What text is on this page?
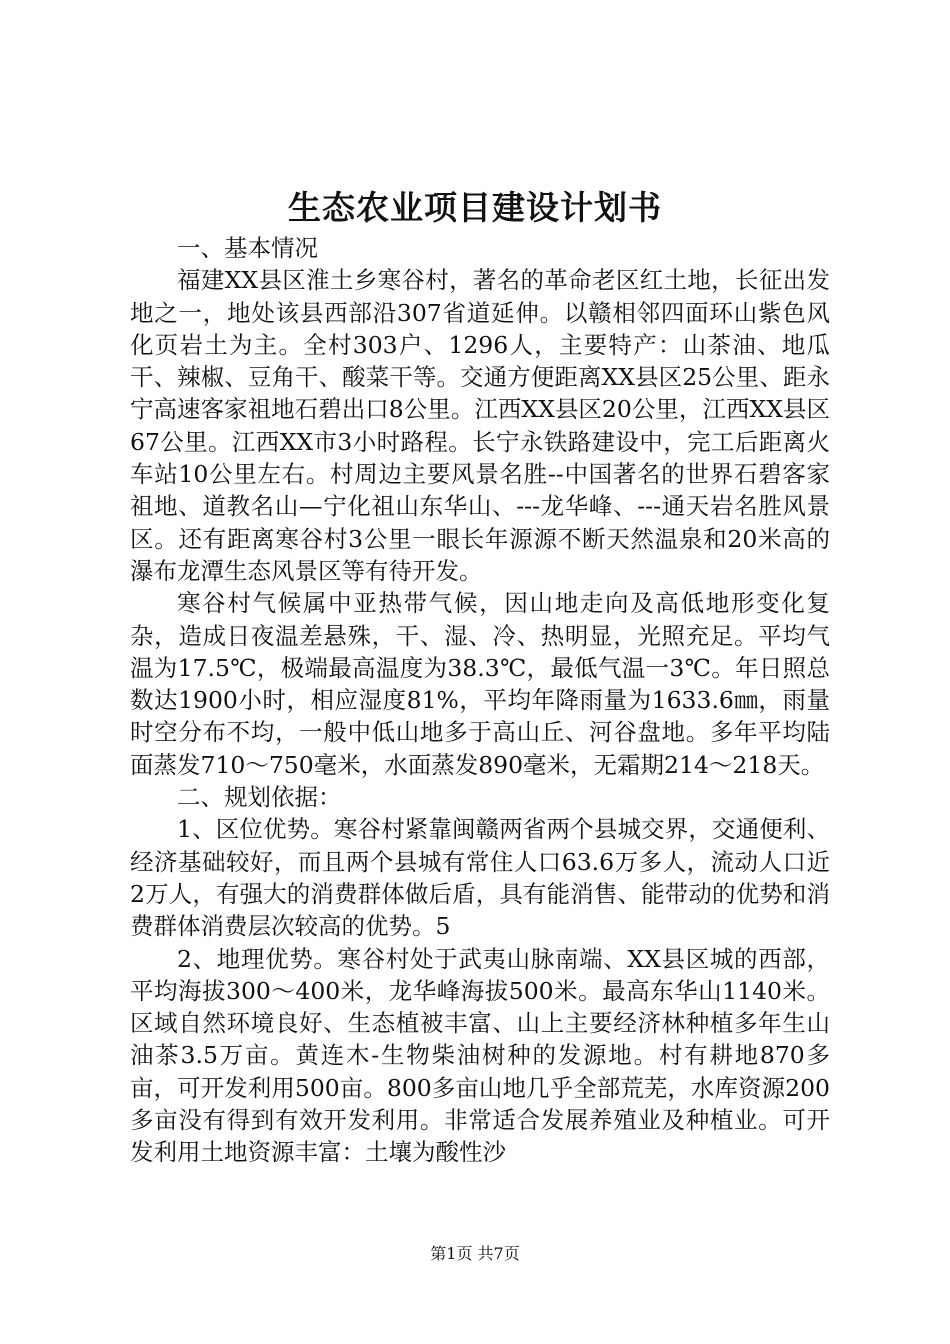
生态农业项目建设计划书

一、基本情况

福建XX县区淮土乡寒谷村，著名的革命老区红土地，长征出发地之一，地处该县西部沿307省道延伸。以赣相邻四面环山紫色风化页岩土为主。全村303户、1296人，主要特产：山茶油、地瓜干、辣椒、豆角干、酸菜干等。交通方便距离XX县区25公里、距永宁高速客家祖地石碧出口8公里。江西XX县区20公里，江西XX县区67公里。江西XX市3小时路程。长宁永铁路建设中，完工后距离火车站10公里左右。村周边主要风景名胜--中国著名的世界石碧客家祖地、道教名山—宁化祖山东华山、---龙华峰、---通天岩名胜风景区。还有距离寒谷村3公里一眼长年源源不断天然温泉和20米高的瀑布龙潭生态风景区等有待开发。

寒谷村气候属中亚热带气候，因山地走向及高低地形变化复杂，造成日夜温差悬殊，干、湿、冷、热明显，光照充足。平均气温为17.5℃，极端最高温度为38.3℃，最低气温一3℃。年日照总数达1900小时，相应湿度81%，平均年降雨量为1633.6㎜，雨量时空分布不均，一般中低山地多于高山丘、河谷盘地。多年平均陆面蒸发710～750毫米，水面蒸发890毫米，无霜期214～218天。

二、规划依据：

1、区位优势。寒谷村紧靠闽赣两省两个县城交界，交通便利、经济基础较好，而且两个县城有常住人口63.6万多人，流动人口近2万人，有强大的消费群体做后盾，具有能消售、能带动的优势和消费群体消费层次较高的优势。5

2、地理优势。寒谷村处于武夷山脉南端、XX县区城的西部，平均海拔300～400米，龙华峰海拔500米。最高东华山1140米。区域自然环境良好、生态植被丰富、山上主要经济林种植多年生山油茶3.5万亩。黄连木-生物柴油树种的发源地。村有耕地870多亩，可开发利用500亩。800多亩山地几乎全部荒芜，水库资源200多亩没有得到有效开发利用。非常适合发展养殖业及种植业。可开发利用土地资源丰富：土壤为酸性沙

第1页 共7页
